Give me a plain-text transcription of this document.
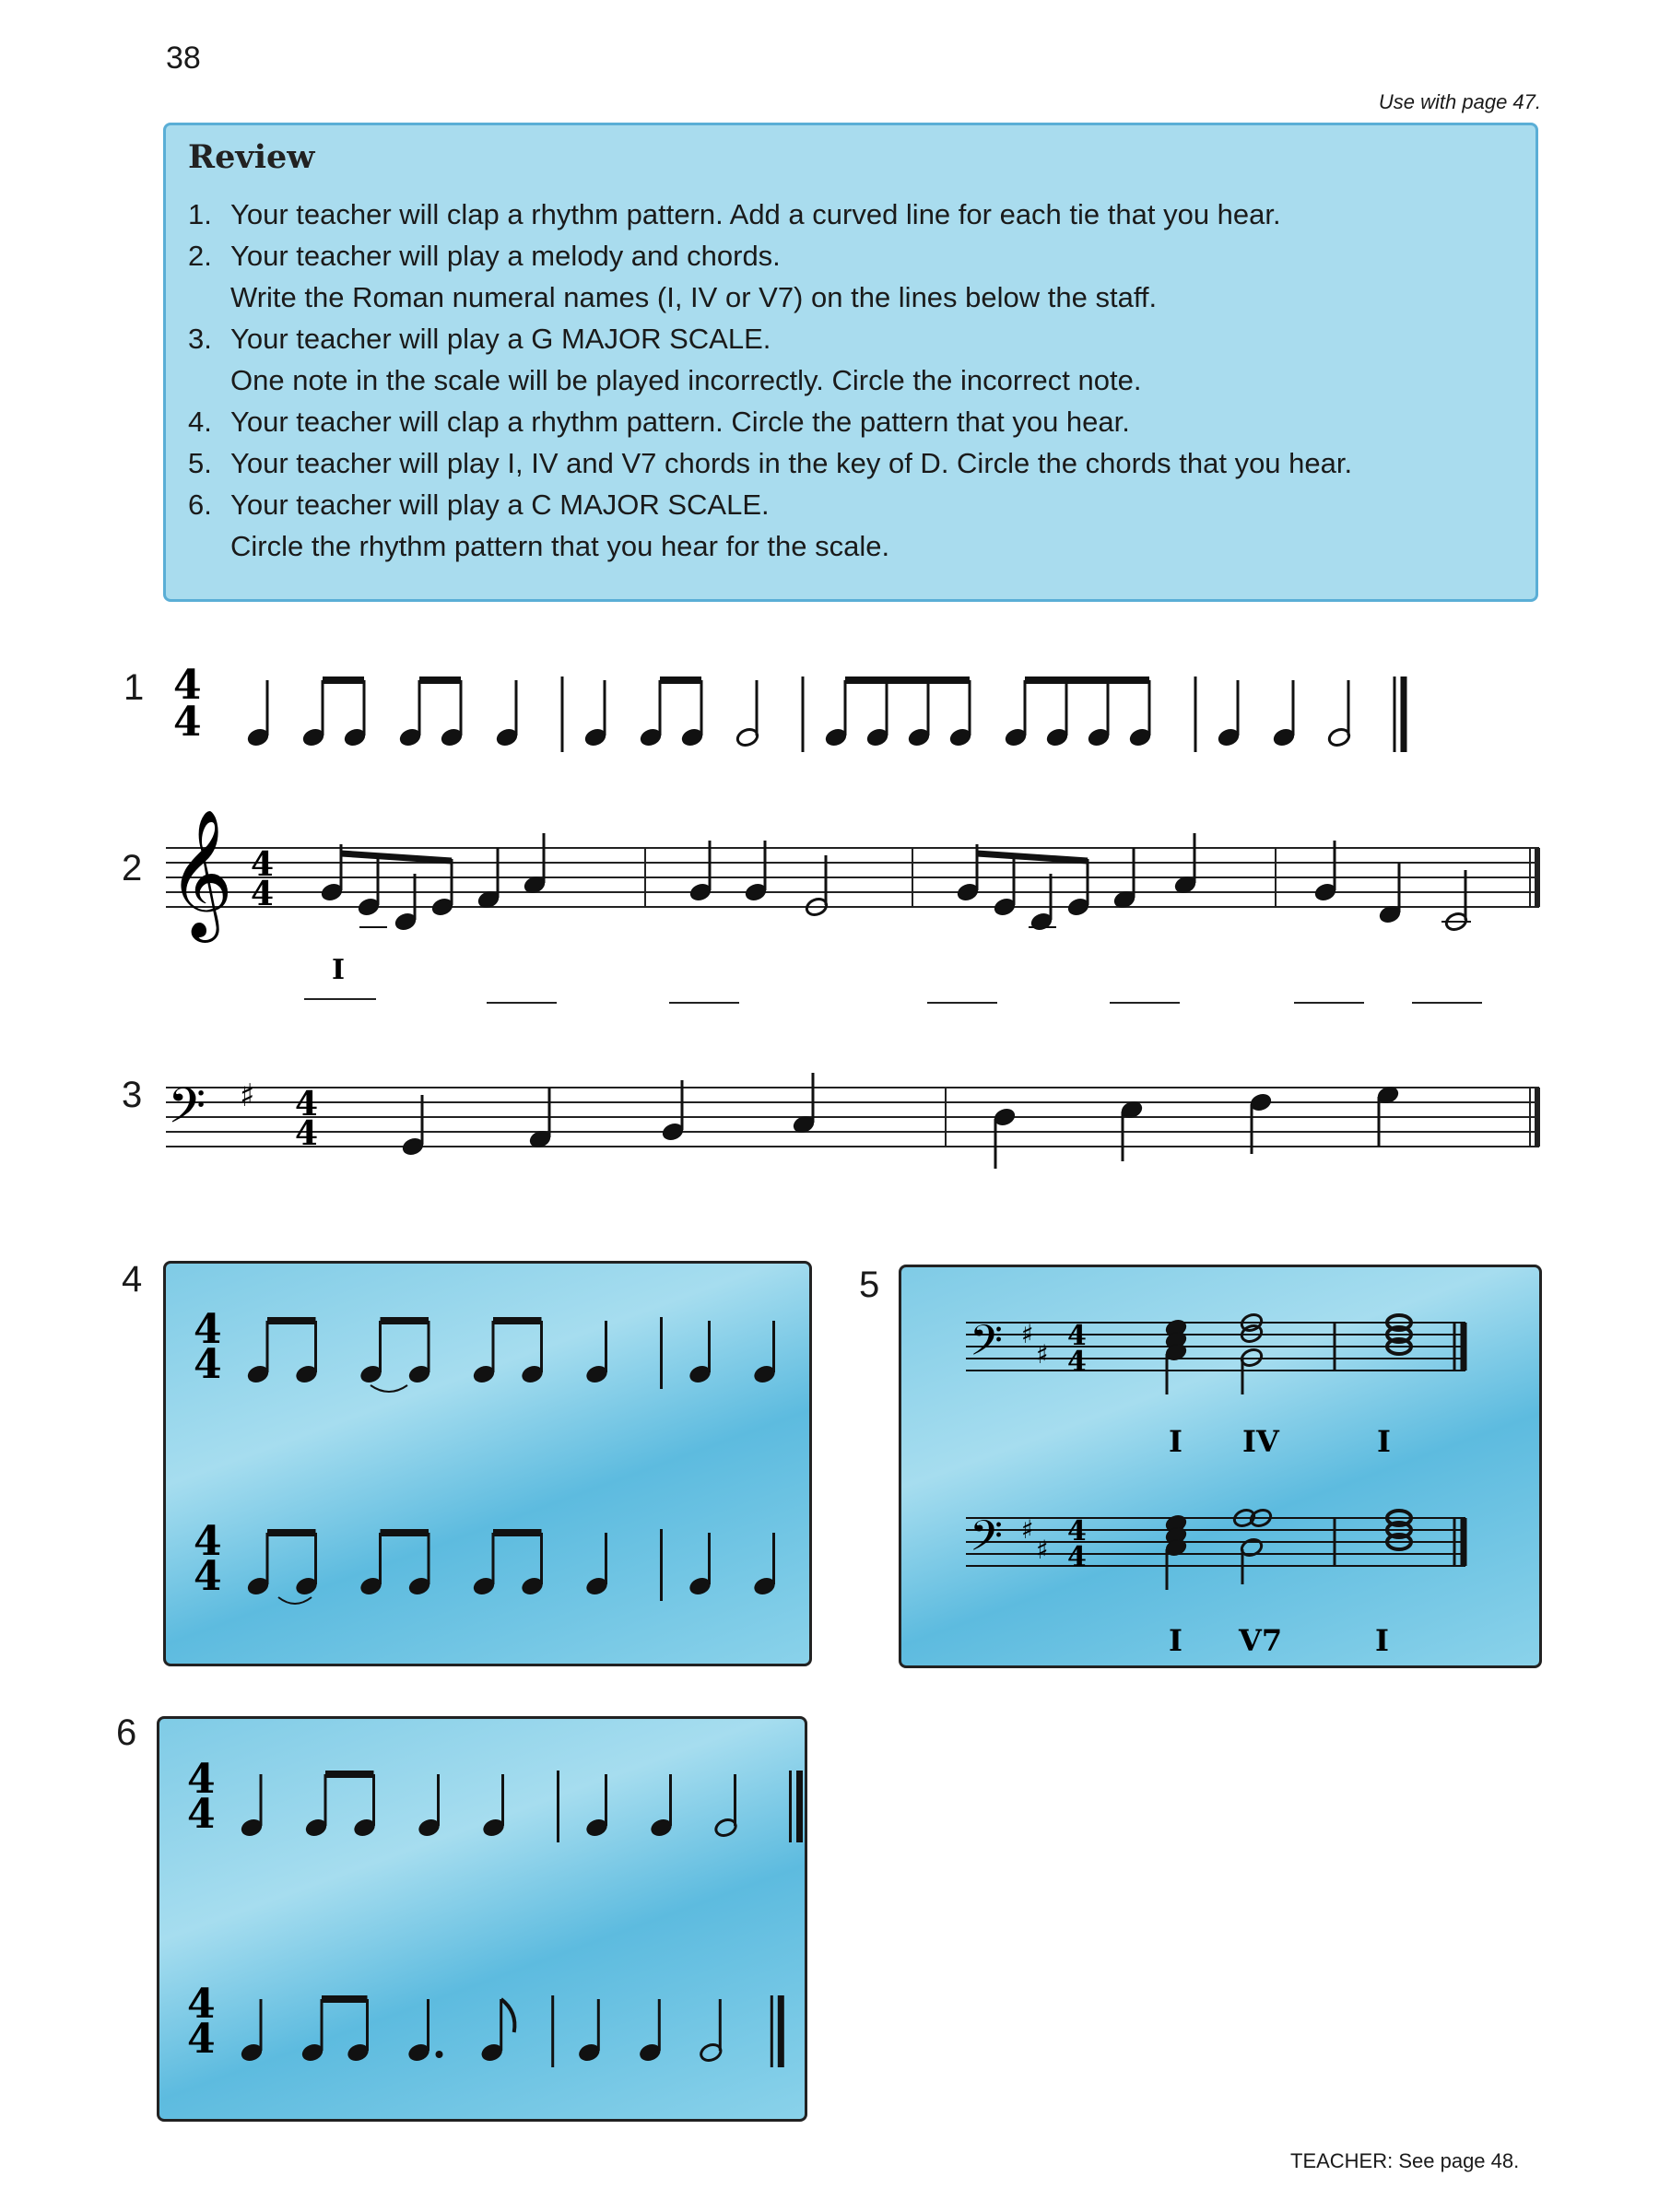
38
Use with page 47.
Review
1. Your teacher will clap a rhythm pattern. Add a curved line for each tie that you hear.
2. Your teacher will play a melody and chords.
Write the Roman numeral names (I, IV or V7) on the lines below the staff.
3. Your teacher will play a G MAJOR SCALE.
One note in the scale will be played incorrectly. Circle the incorrect note.
4. Your teacher will clap a rhythm pattern. Circle the pattern that you hear.
5. Your teacher will play I, IV and V7 chords in the key of D. Circle the chords that you hear.
6. Your teacher will play a C MAJOR SCALE.
Circle the rhythm pattern that you hear for the scale.
1
2
3
4	5
6
4
4
𝄞 4
4
I
𝄢 ♯ 4
4
4
4
4
4
𝄢 ♯
♯
4
4
𝄢 ♯
♯
4
4
I IV	I
I V7	I
4
4
4
4
TEACHER: See page 48.
